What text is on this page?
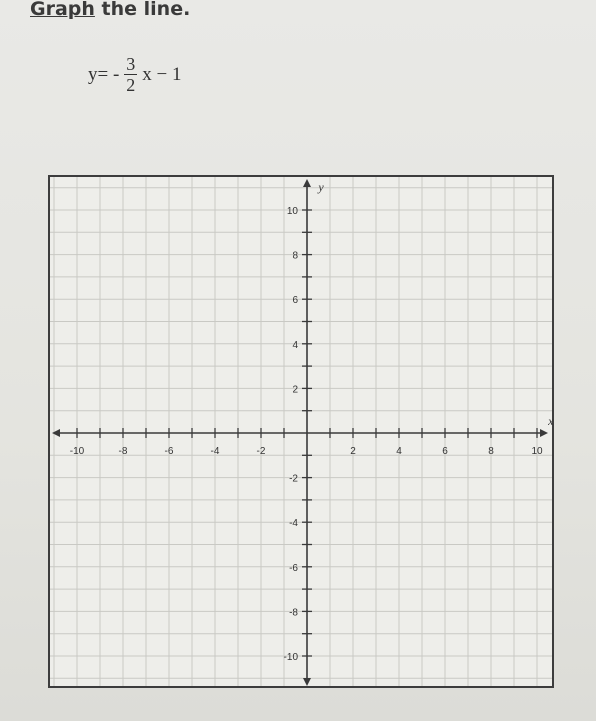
Graph the line.
$y= - \frac{3}{2}$ x − 1
-10	-8	-6	-4	-2	2	4	6	8	10
10
8
6
4
2
-2
-4
-6
-8
-10
x
y
